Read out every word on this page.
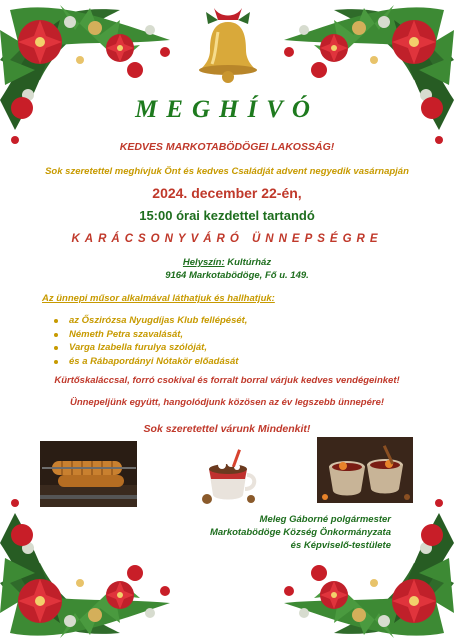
MEGHÍVÓ
KEDVES MARKOTABÖDÖGEI LAKOSSÁG!
Sok szeretettel meghívjuk Önt és kedves Családját advent negyedik vasárnapján
2024. december 22-én,
15:00 órai kezdettel tartandó
KARÁCSONYVÁRÓ ÜNNEPSÉGRE
Helyszín: Kultúrház
9164 Markotabödöge, Fő u. 149.
Az ünnepi műsor alkalmával láthatjuk és hallhatjuk:
az Őszirózsa Nyugdíjas Klub fellépését,
Németh Petra szavalását,
Varga Izabella furulya szólóját,
és a Rábapordányi Nótakör előadását
Kürtőskaláccsal, forró csokival és forralt borral várjuk kedves vendégeinket!
Ünnepeljünk együtt, hangolódjunk közösen az év legszebb ünnepére!
Sok szeretettel várunk Mindenkit!
Meleg Gáborné polgármester
Markotabödöge Község Önkormányzata
és Képviselő-testülete
